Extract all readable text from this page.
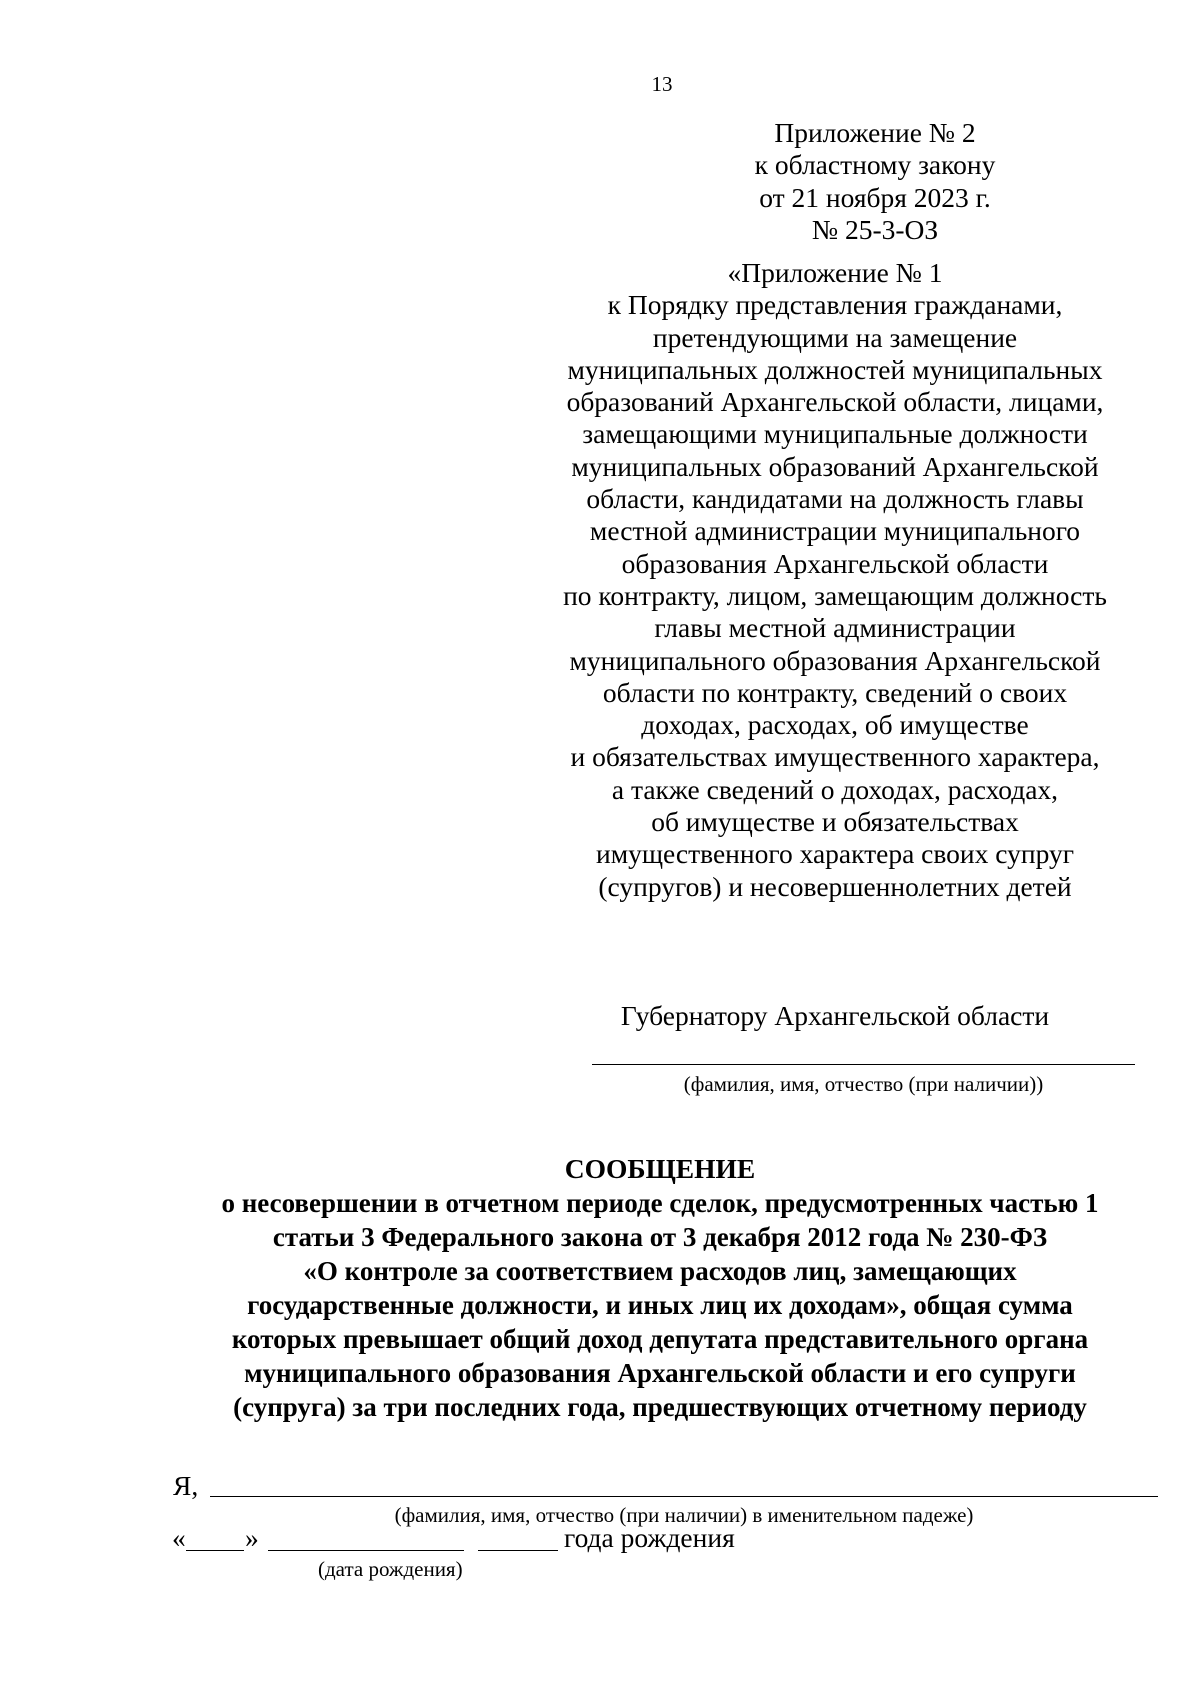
13
Приложение № 2
к областному закону
от 21 ноября 2023 г.
№ 25-3-ОЗ
«Приложение № 1
к Порядку представления гражданами,
претендующими на замещение
муниципальных должностей муниципальных
образований Архангельской области, лицами,
замещающими муниципальные должности
муниципальных образований Архангельской
области, кандидатами на должность главы
местной администрации муниципального
образования Архангельской области
по контракту, лицом, замещающим должность
главы местной администрации
муниципального образования Архангельской
области по контракту, сведений о своих
доходах, расходах, об имуществе
и обязательствах имущественного характера,
а также сведений о доходах, расходах,
об имуществе и обязательствах
имущественного характера своих супруг
(супругов) и несовершеннолетних детей
Губернатору Архангельской области
(фамилия, имя, отчество (при наличии))
СООБЩЕНИЕ
о несовершении в отчетном периоде сделок, предусмотренных частью 1
статьи 3 Федерального закона от 3 декабря 2012 года № 230-ФЗ
«О контроле за соответствием расходов лиц, замещающих
государственные должности, и иных лиц их доходам», общая сумма
которых превышает общий доход депутата представительного органа
муниципального образования Архангельской области и его супруги
(супруга) за три последних года, предшествующих отчетному периоду
Я,
(фамилия, имя, отчество (при наличии) в именительном падеже)
« »	года рождения
(дата рождения)
